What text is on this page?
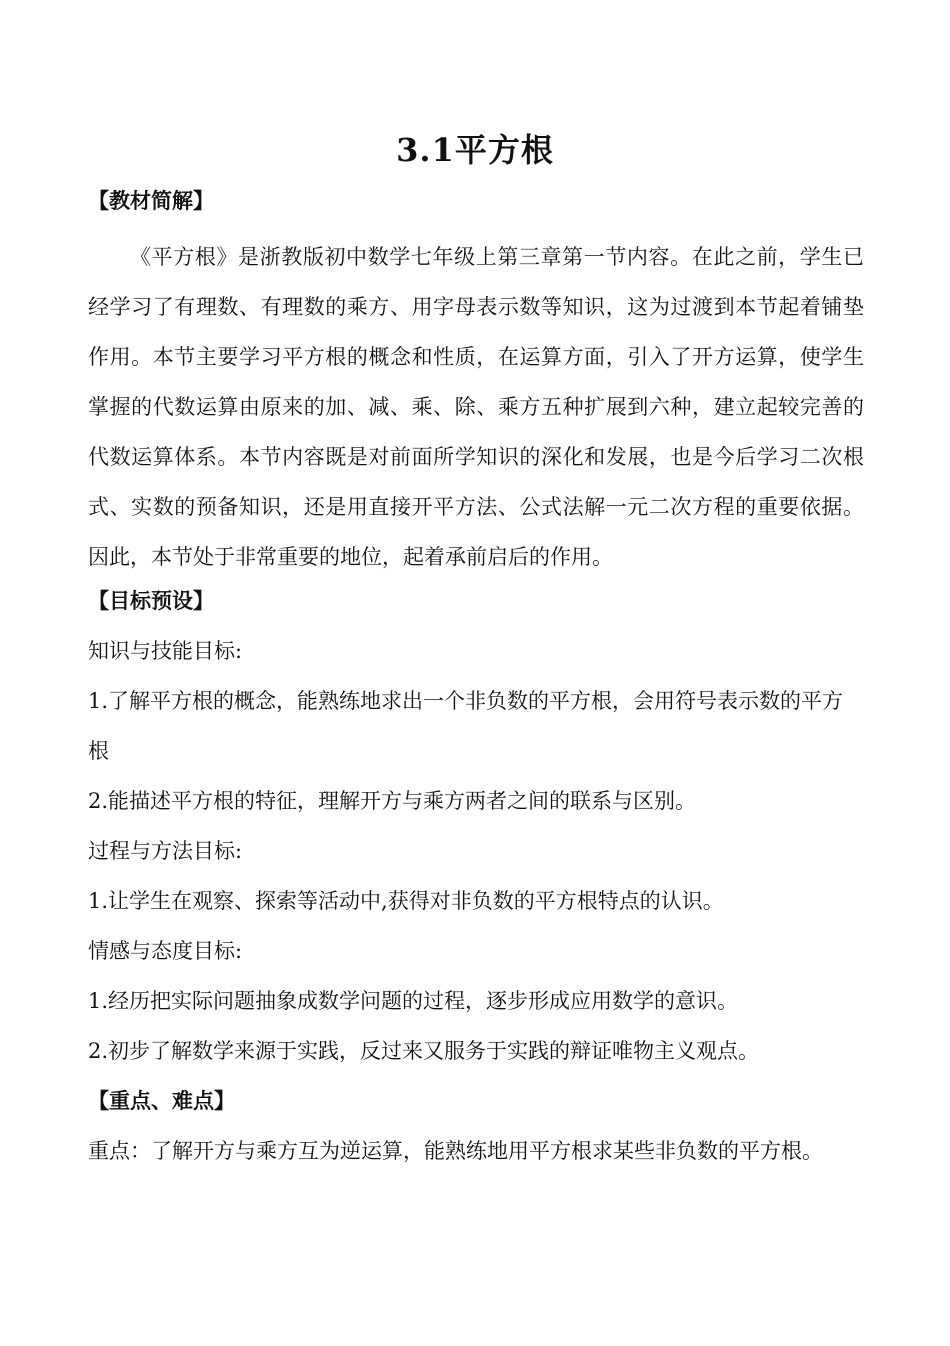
3.1平方根
【教材简解】
《平方根》是浙教版初中数学七年级上第三章第一节内容。在此之前，学生已经学习了有理数、有理数的乘方、用字母表示数等知识，这为过渡到本节起着铺垫作用。本节主要学习平方根的概念和性质，在运算方面，引入了开方运算，使学生掌握的代数运算由原来的加、减、乘、除、乘方五种扩展到六种，建立起较完善的代数运算体系。本节内容既是对前面所学知识的深化和发展，也是今后学习二次根式、实数的预备知识，还是用直接开平方法、公式法解一元二次方程的重要依据。因此，本节处于非常重要的地位，起着承前启后的作用。
【目标预设】
知识与技能目标:
1.了解平方根的概念，能熟练地求出一个非负数的平方根，会用符号表示数的平方根
2.能描述平方根的特征，理解开方与乘方两者之间的联系与区别。
过程与方法目标:
1.让学生在观察、探索等活动中,获得对非负数的平方根特点的认识。
情感与态度目标:
1.经历把实际问题抽象成数学问题的过程，逐步形成应用数学的意识。
2.初步了解数学来源于实践，反过来又服务于实践的辩证唯物主义观点。
【重点、难点】
重点：了解开方与乘方互为逆运算，能熟练地用平方根求某些非负数的平方根。
